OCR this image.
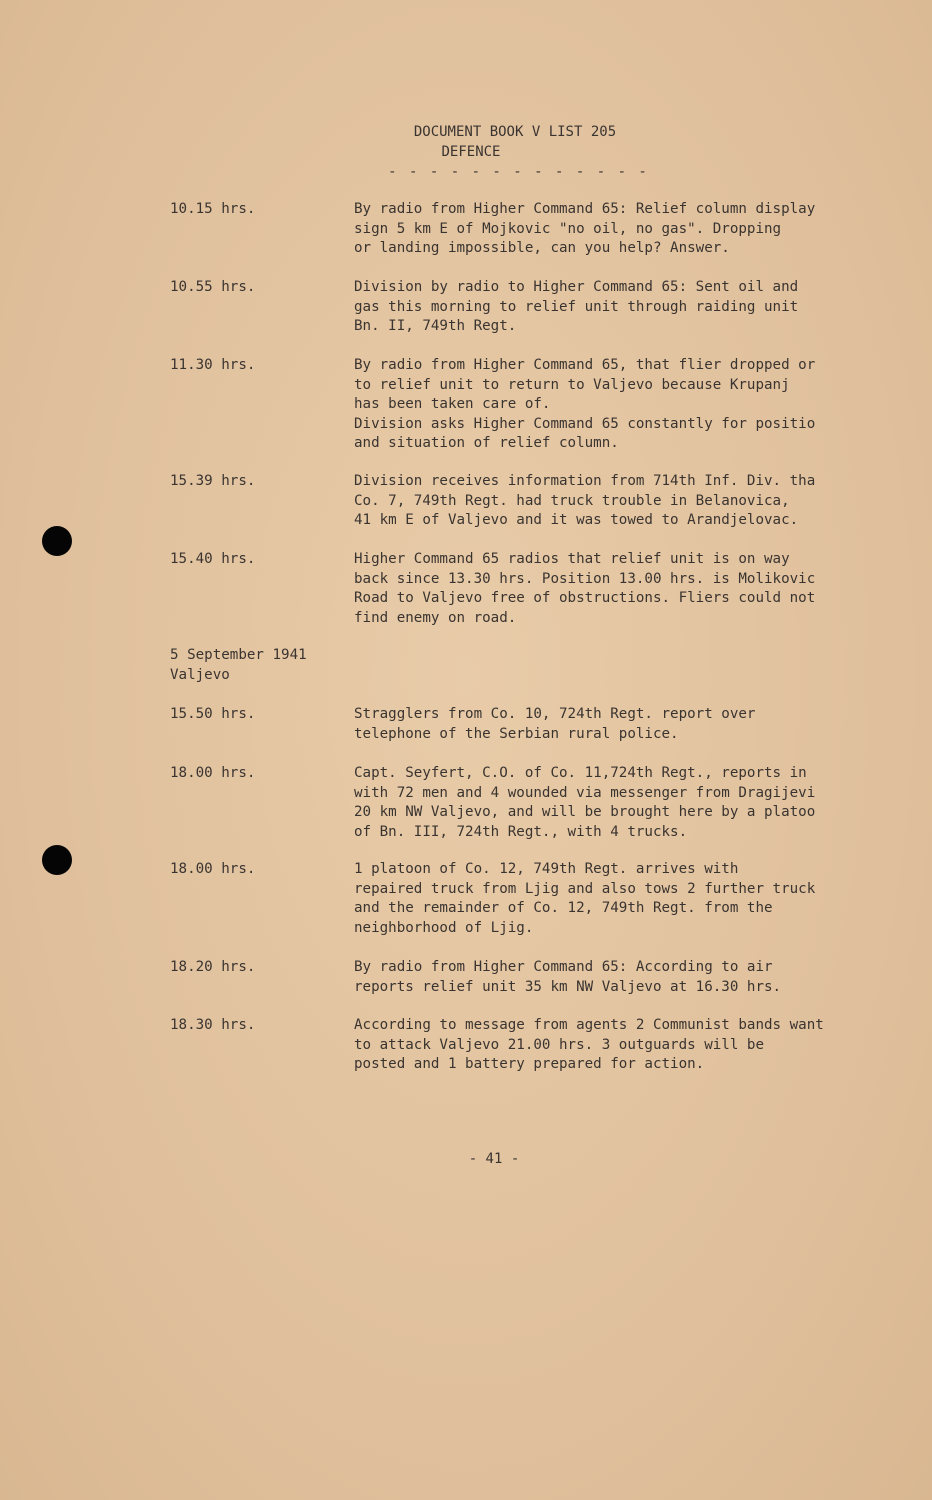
DOCUMENT BOOK V LIST 205
DEFENCE
- - - - - - - - - - - - -
10.15 hrs.	By radio from Higher Command 65: Relief column display
sign 5 km E of Mojkovic "no oil, no gas". Dropping
or landing impossible, can you help? Answer.
10.55 hrs.	Division by radio to Higher Command 65: Sent oil and
gas this morning to relief unit through raiding unit
Bn. II, 749th Regt.
11.30 hrs.	By radio from Higher Command 65, that flier dropped or
to relief unit to return to Valjevo because Krupanj
has been taken care of.
Division asks Higher Command 65 constantly for positio
and situation of relief column.
15.39 hrs.	Division receives information from 714th Inf. Div. tha
Co. 7, 749th Regt. had truck trouble in Belanovica,
41 km E of Valjevo and it was towed to Arandjelovac.
15.40 hrs.	Higher Command 65 radios that relief unit is on way
back since 13.30 hrs. Position 13.00 hrs. is Molikovic
Road to Valjevo free of obstructions. Fliers could not
find enemy on road.
5 September 1941
Valjevo
15.50 hrs.	Stragglers from Co. 10, 724th Regt. report over
telephone of the Serbian rural police.
18.00 hrs.	Capt. Seyfert, C.O. of Co. 11,724th Regt., reports in
with 72 men and 4 wounded via messenger from Dragijevi
20 km NW Valjevo, and will be brought here by a platoo
of Bn. III, 724th Regt., with 4 trucks.
18.00 hrs.	1 platoon of Co. 12, 749th Regt. arrives with
repaired truck from Ljig and also tows 2 further truck
and the remainder of Co. 12, 749th Regt. from the
neighborhood of Ljig.
18.20 hrs.	By radio from Higher Command 65: According to air
reports relief unit 35 km NW Valjevo at 16.30 hrs.
18.30 hrs.	According to message from agents 2 Communist bands want
to attack Valjevo 21.00 hrs. 3 outguards will be
posted and 1 battery prepared for action.
- 41 -
